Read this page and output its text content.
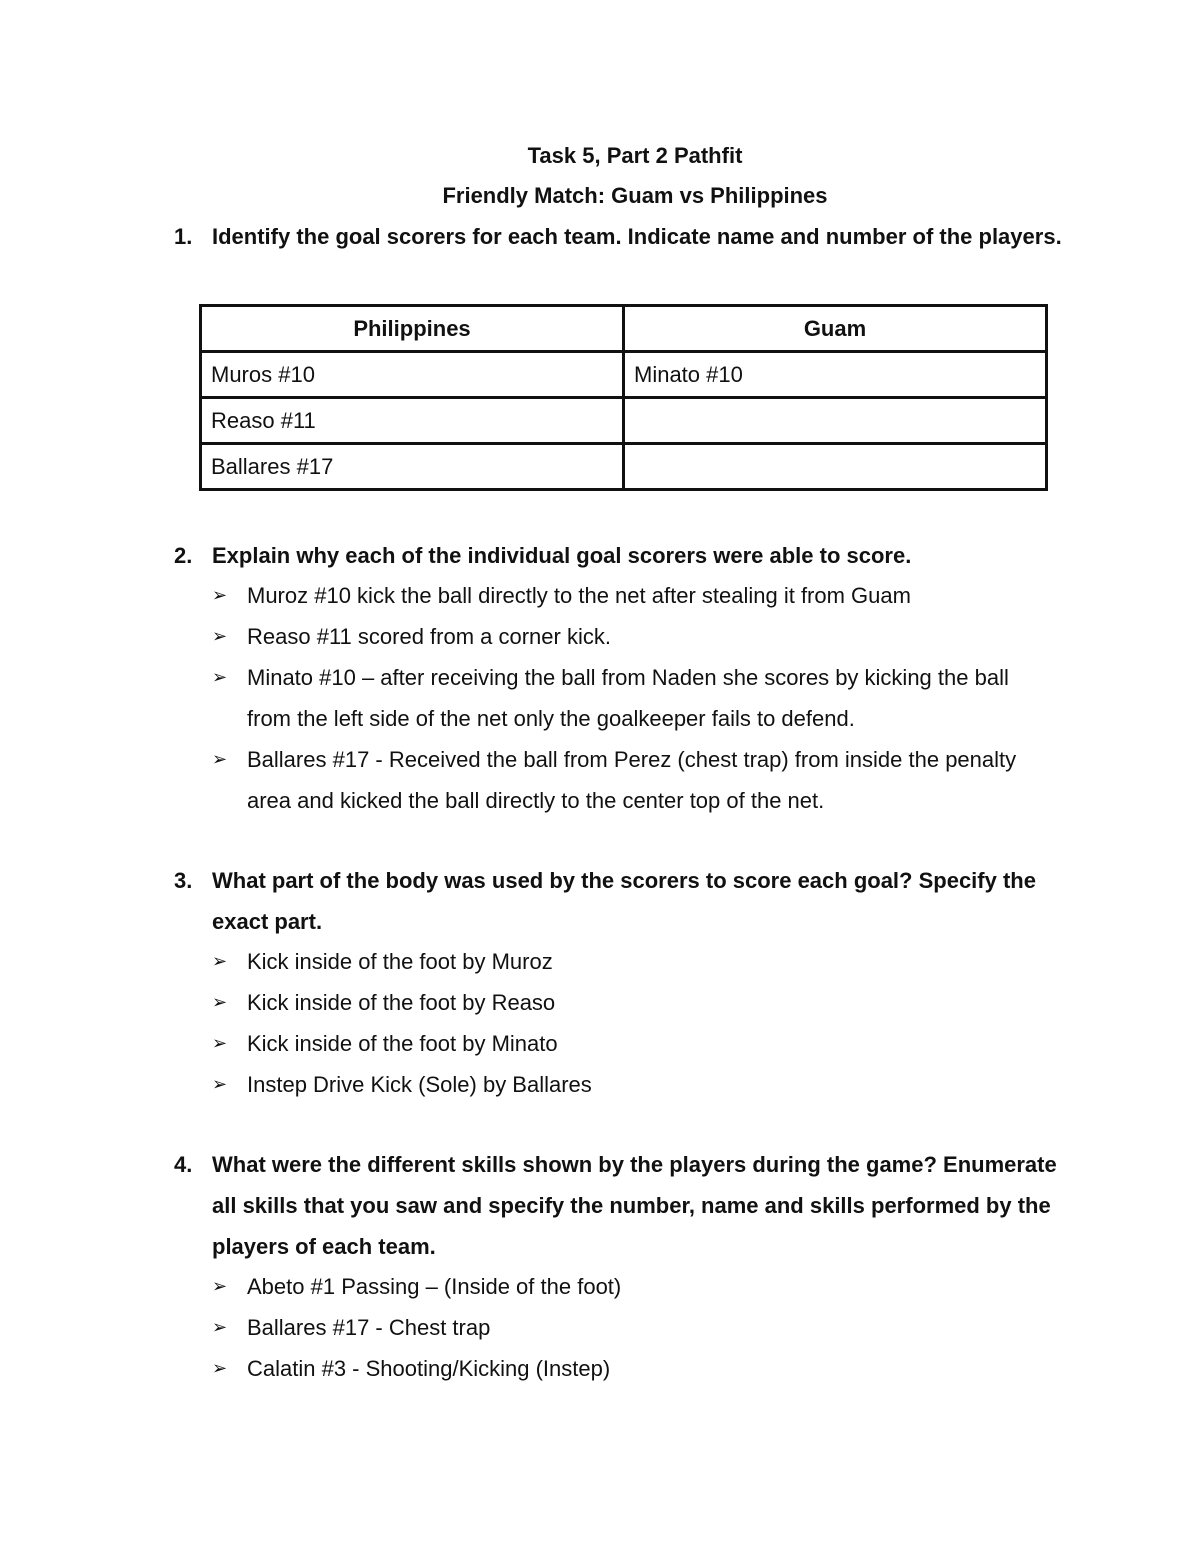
Task 5, Part 2 Pathfit
Friendly Match: Guam vs Philippines
1. Identify the goal scorers for each team. Indicate name and number of the players.
Philippines	Guam
Muros #10	Minato #10
Reaso #11	
Ballares #17	
2. Explain why each of the individual goal scorers were able to score.
➢ Muroz #10 kick the ball directly to the net after stealing it from Guam
➢ Reaso #11 scored from a corner kick.
➢ Minato #10 – after receiving the ball from Naden she scores by kicking the ball from the left side of the net only the goalkeeper fails to defend.
➢ Ballares #17 - Received the ball from Perez (chest trap) from inside the penalty area and kicked the ball directly to the center top of the net.
3. What part of the body was used by the scorers to score each goal? Specify the exact part.
➢ Kick inside of the foot by Muroz
➢ Kick inside of the foot by Reaso
➢ Kick inside of the foot by Minato
➢ Instep Drive Kick (Sole) by Ballares
4. What were the different skills shown by the players during the game? Enumerate all skills that you saw and specify the number, name and skills performed by the players of each team.
➢ Abeto #1 Passing – (Inside of the foot)
➢ Ballares #17 - Chest trap
➢ Calatin #3 - Shooting/Kicking (Instep)
